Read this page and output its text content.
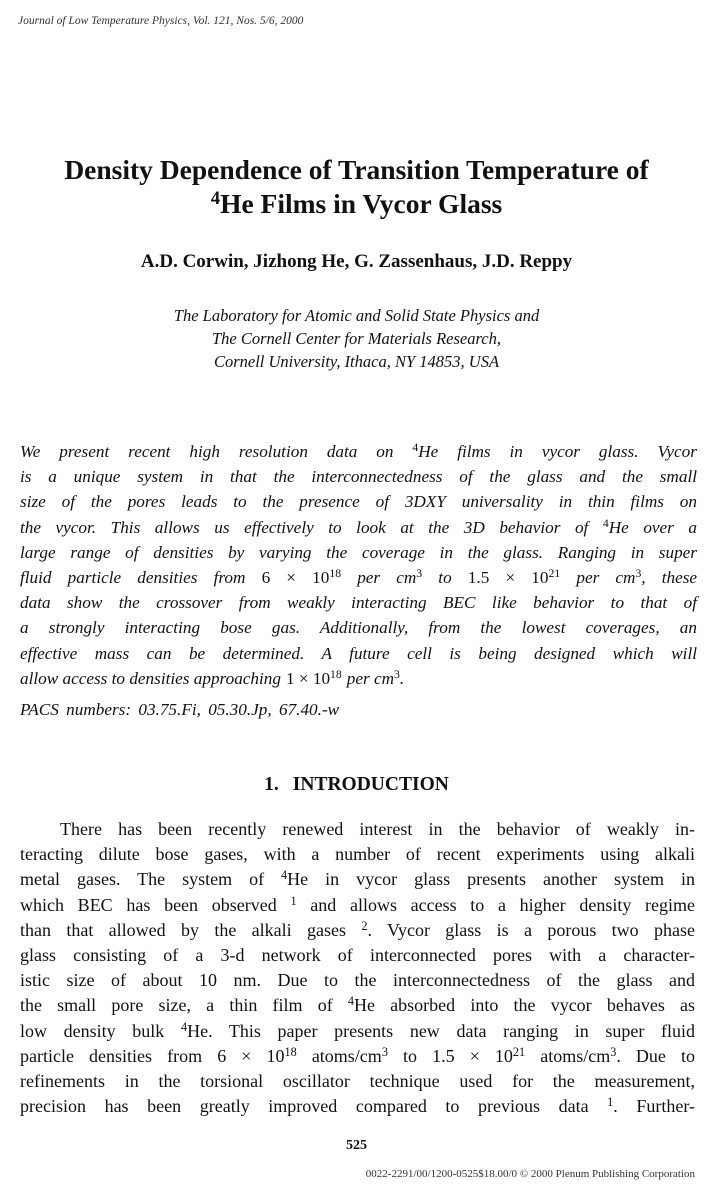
Journal of Low Temperature Physics, Vol. 121, Nos. 5/6, 2000
Density Dependence of Transition Temperature of
$^4$He Films in Vycor Glass
A.D. Corwin, Jizhong He, G. Zassenhaus, J.D. Reppy
The Laboratory for Atomic and Solid State Physics and
The Cornell Center for Materials Research,
Cornell University, Ithaca, NY 14853, USA
We present recent high resolution data on $^4$He films in vycor glass. Vycor
is a unique system in that the interconnectedness of the glass and the small
size of the pores leads to the presence of 3DXY universality in thin films on
the vycor. This allows us effectively to look at the 3D behavior of $^4$He over a
large range of densities by varying the coverage in the glass. Ranging in super
fluid particle densities from $6 \times 10^{18}$ per $cm^3$ to $1.5 \times 10^{21}$ per $cm^3$, these
data show the crossover from weakly interacting BEC like behavior to that of
a strongly interacting bose gas. Additionally, from the lowest coverages, an
effective mass can be determined. A future cell is being designed which will
allow access to densities approaching $1 \times 10^{18}$ per $cm^3$.
PACS numbers: 03.75.Fi, 05.30.Jp, 67.40.-w
1. INTRODUCTION
There has been recently renewed interest in the behavior of weakly in-
teracting dilute bose gases, with a number of recent experiments using alkali
metal gases. The system of $^4$He in vycor glass presents another system in
which BEC has been observed $^1$ and allows access to a higher density regime
than that allowed by the alkali gases $^2$. Vycor glass is a porous two phase
glass consisting of a 3-d network of interconnected pores with a character-
istic size of about 10 nm. Due to the interconnectedness of the glass and
the small pore size, a thin film of $^4$He absorbed into the vycor behaves as
low density bulk $^4$He. This paper presents new data ranging in super fluid
particle densities from $6 \times 10^{18}$ atoms/$cm^3$ to $1.5 \times 10^{21}$ atoms/$cm^3$. Due to
refinements in the torsional oscillator technique used for the measurement,
precision has been greatly improved compared to previous data $^1$. Further-
525
0022-2291/00/1200-0525$18.00/0 © 2000 Plenum Publishing Corporation
